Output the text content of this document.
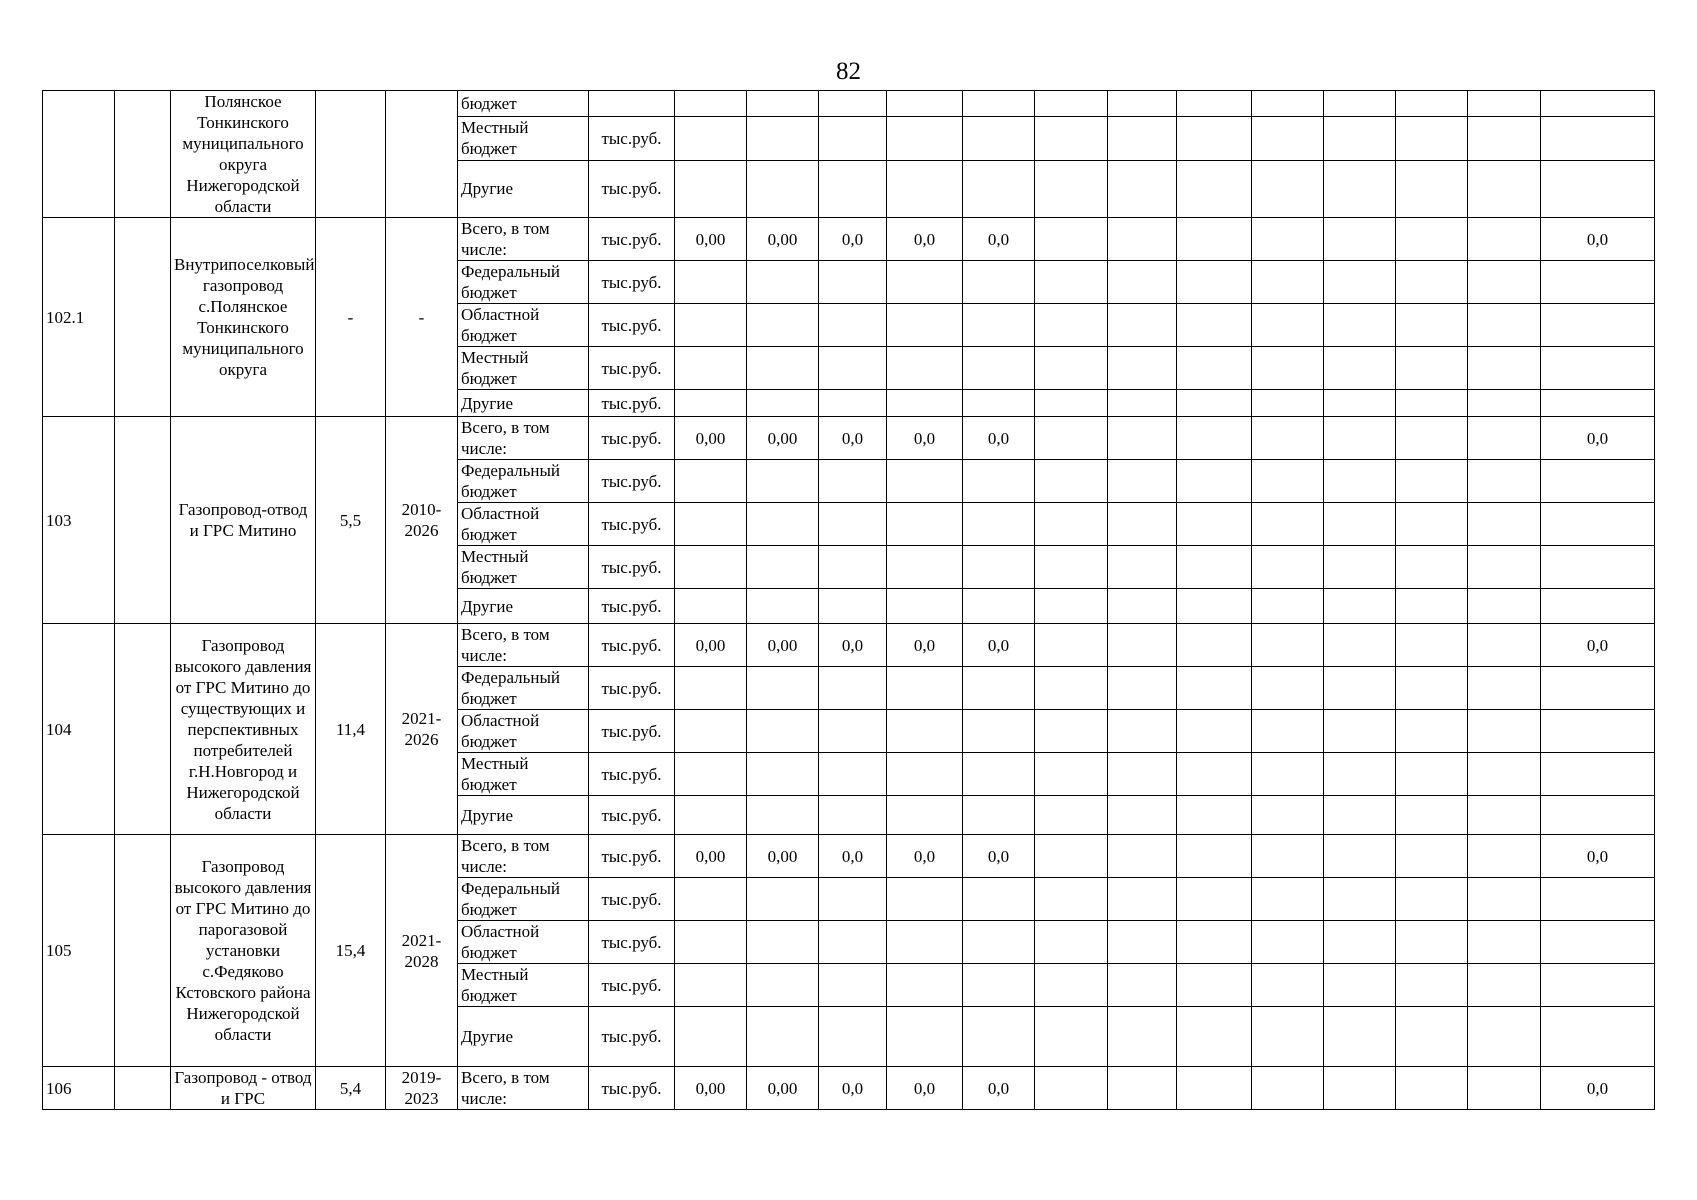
82
		Полянское Тонкинского муниципального округа Нижегородской области			бюджет															
					Местный бюджет	тыс.руб.														
					Другие	тыс.руб.														
102.1		Внутрипоселковый газопровод с.Полянское Тонкинского муниципального округа	-	-	Всего, в том числе:	тыс.руб.	0,00	0,00	0,0	0,0	0,0								0,0	
					Федеральный бюджет	тыс.руб.														
					Областной бюджет	тыс.руб.														
					Местный бюджет	тыс.руб.														
					Другие	тыс.руб.														
103		Газопровод-отвод и ГРС Митино	5,5	2010-2026	Всего, в том числе:	тыс.руб.	0,00	0,00	0,0	0,0	0,0								0,0	
					Федеральный бюджет	тыс.руб.														
					Областной бюджет	тыс.руб.														
					Местный бюджет	тыс.руб.														
					Другие	тыс.руб.														
104		Газопровод высокого давления от ГРС Митино до существующих и перспективных потребителей г.Н.Новгород и Нижегородской области	11,4	2021-2026	Всего, в том числе:	тыс.руб.	0,00	0,00	0,0	0,0	0,0								0,0	
					Федеральный бюджет	тыс.руб.														
					Областной бюджет	тыс.руб.														
					Местный бюджет	тыс.руб.														
					Другие	тыс.руб.														
105		Газопровод высокого давления от ГРС Митино до парогазовой установки с.Федяково Кстовского района Нижегородской области	15,4	2021-2028	Всего, в том числе:	тыс.руб.	0,00	0,00	0,0	0,0	0,0								0,0	
					Федеральный бюджет	тыс.руб.														
					Областной бюджет	тыс.руб.														
					Местный бюджет	тыс.руб.														
					Другие	тыс.руб.														
106		Газопровод - отвод и ГРС	5,4	2019-2023	Всего, в том числе:	тыс.руб.	0,00	0,00	0,0	0,0	0,0								0,0	
